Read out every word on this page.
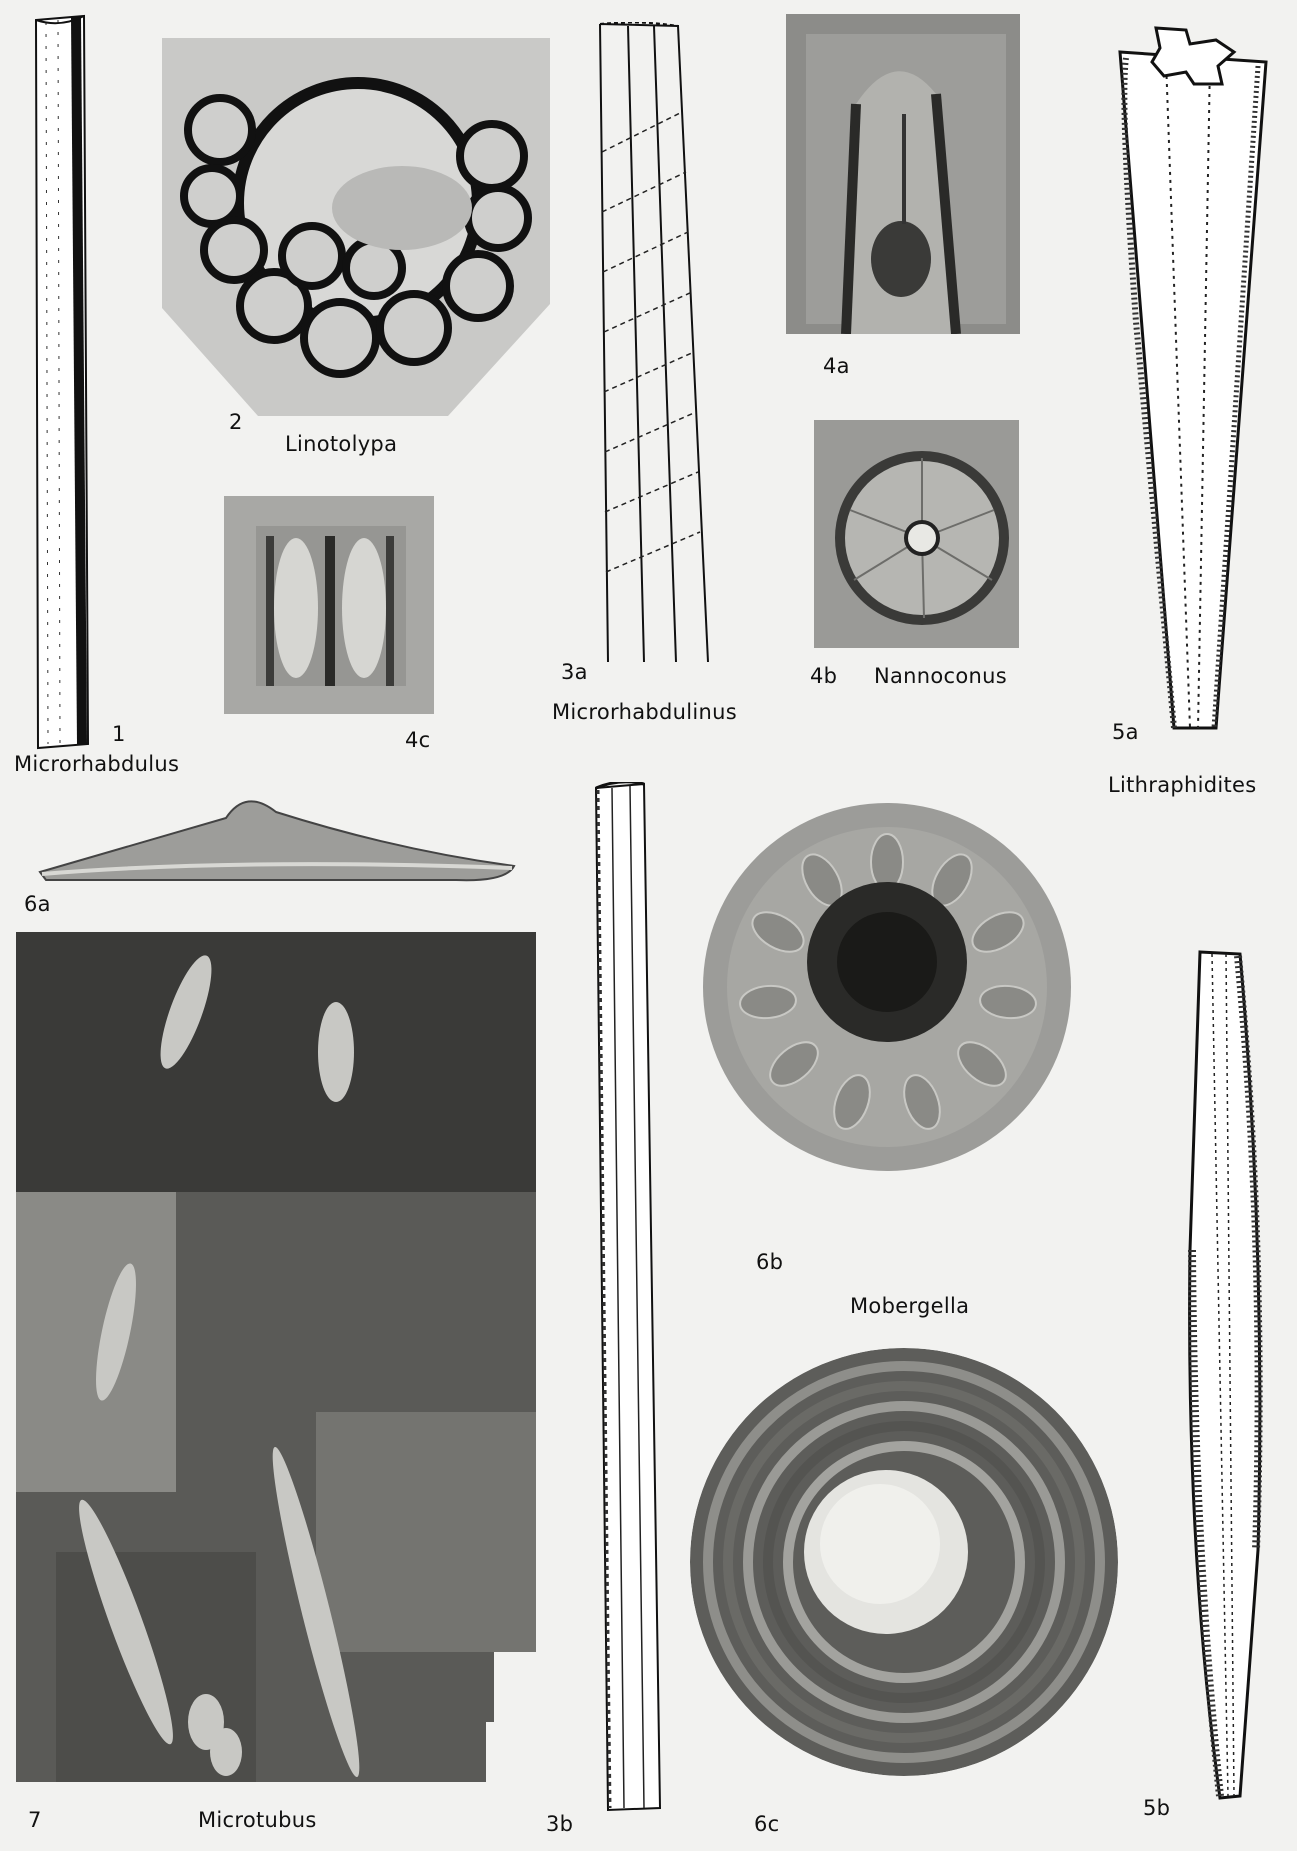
1
Microrhabdulus
2
Linotolypa
4c
3a
Microrhabdulinus
4a
4b Nannoconus
5a
Lithraphidites
6a
7	Microtubus	3b
6b
Mobergella
6c
5b
